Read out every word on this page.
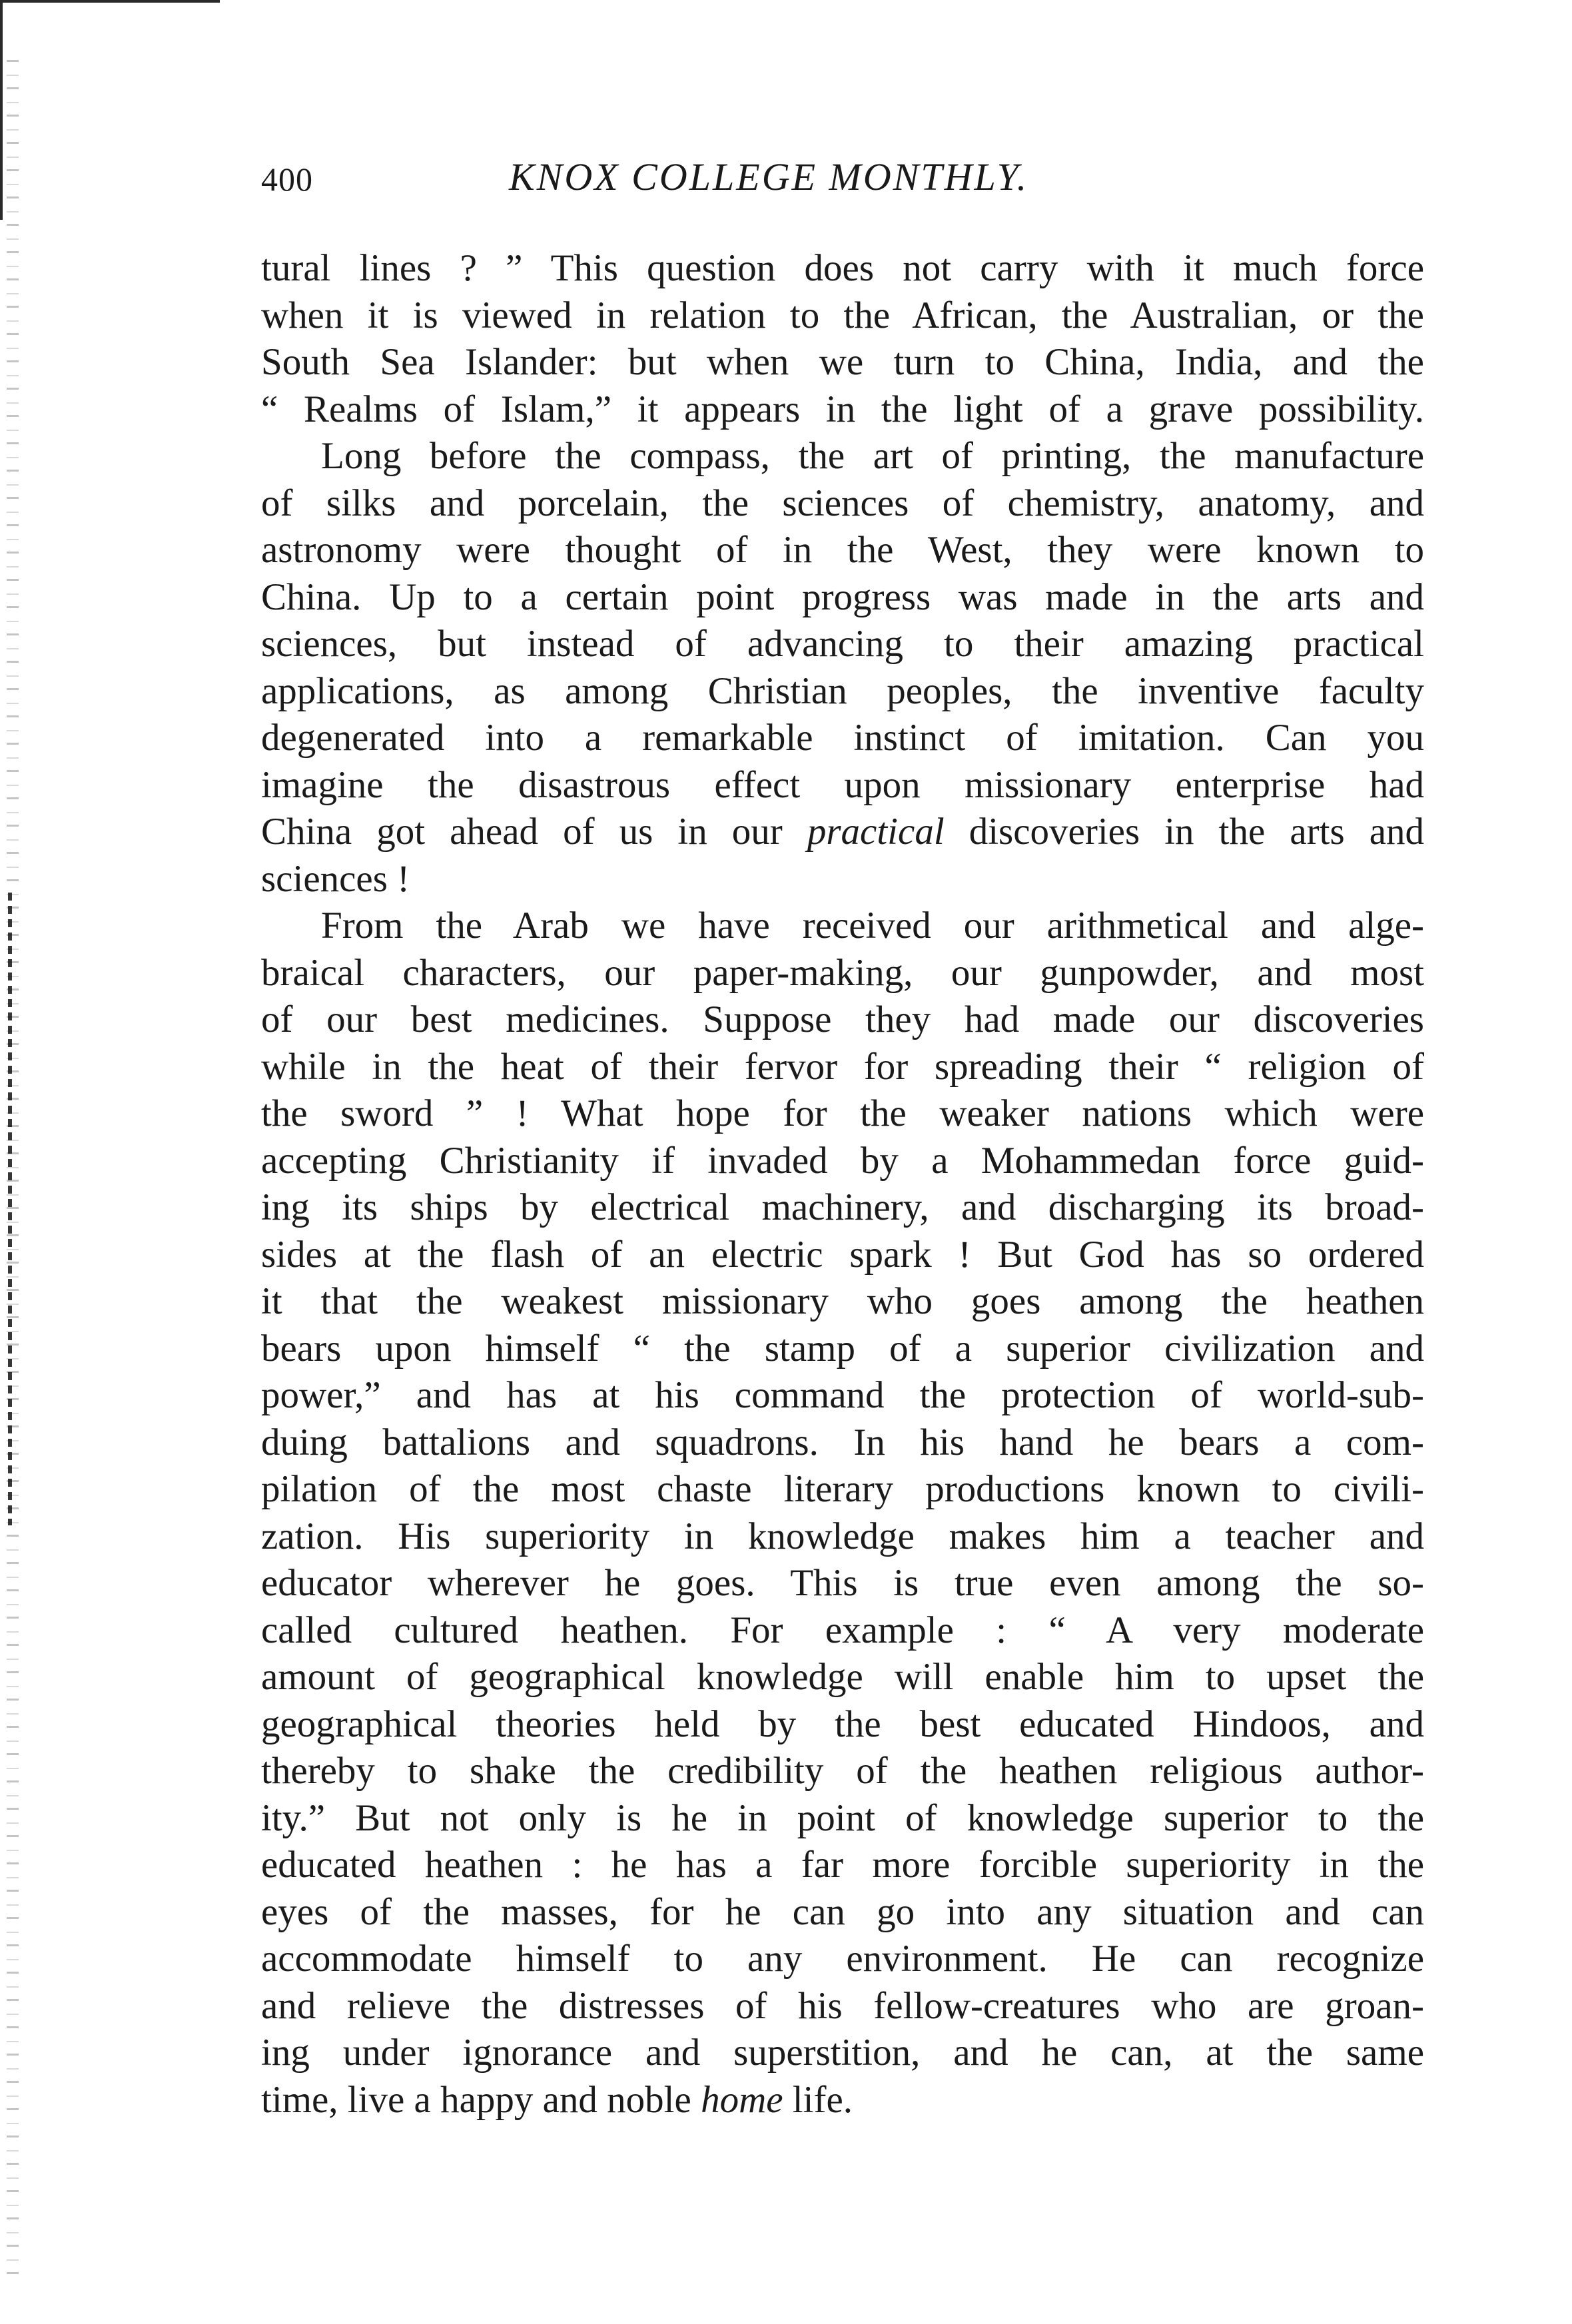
400	KNOX COLLEGE MONTHLY.
tural lines ? ” This question does not carry with it much force
when it is viewed in relation to the African, the Australian, or the
South Sea Islander: but when we turn to China, India, and the
“ Realms of Islam,” it appears in the light of a grave possibility.
Long before the compass, the art of printing, the manufacture
of silks and porcelain, the sciences of chemistry, anatomy, and
astronomy were thought of in the West, they were known to
China. Up to a certain point progress was made in the arts and
sciences, but instead of advancing to their amazing practical
applications, as among Christian peoples, the inventive faculty
degenerated into a remarkable instinct of imitation. Can you
imagine the disastrous effect upon missionary enterprise had
China got ahead of us in our practical discoveries in the arts and
sciences !
From the Arab we have received our arithmetical and alge-
braical characters, our paper-making, our gunpowder, and most
of our best medicines. Suppose they had made our discoveries
while in the heat of their fervor for spreading their “ religion of
the sword ” ! What hope for the weaker nations which were
accepting Christianity if invaded by a Mohammedan force guid-
ing its ships by electrical machinery, and discharging its broad-
sides at the flash of an electric spark ! But God has so ordered
it that the weakest missionary who goes among the heathen
bears upon himself “ the stamp of a superior civilization and
power,” and has at his command the protection of world-sub-
duing battalions and squadrons. In his hand he bears a com-
pilation of the most chaste literary productions known to civili-
zation. His superiority in knowledge makes him a teacher and
educator wherever he goes. This is true even among the so-
called cultured heathen. For example : “ A very moderate
amount of geographical knowledge will enable him to upset the
geographical theories held by the best educated Hindoos, and
thereby to shake the credibility of the heathen religious author-
ity.” But not only is he in point of knowledge superior to the
educated heathen : he has a far more forcible superiority in the
eyes of the masses, for he can go into any situation and can
accommodate himself to any environment. He can recognize
and relieve the distresses of his fellow-creatures who are groan-
ing under ignorance and superstition, and he can, at the same
time, live a happy and noble home life.
